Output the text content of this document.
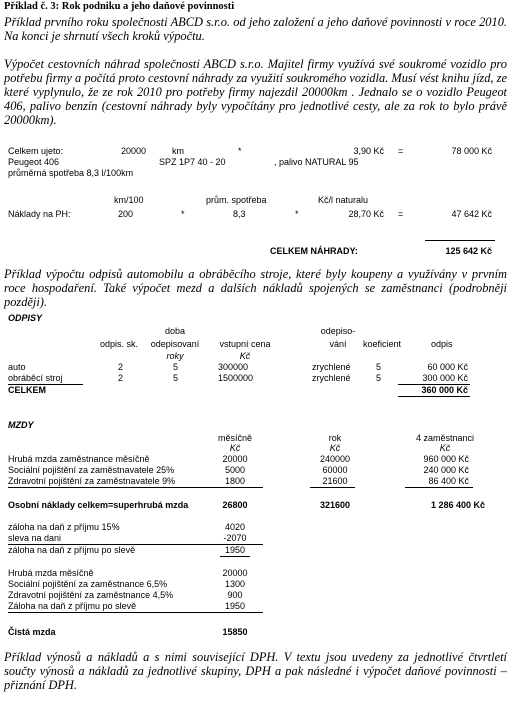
Příklad č. 3: Rok podniku a jeho daňové povinnosti
Příklad prvního roku společnosti ABCD s.r.o. od jeho založení a jeho daňové povinnosti v roce 2010. Na konci je shrnutí všech kroků výpočtu.
Výpočet cestovních náhrad společnosti ABCD s.r.o. Majitel firmy využívá své soukromé vozidlo pro potřebu firmy a počítá proto cestovní náhrady za využití soukromého vozidla. Musí vést knihu jízd, ze které vyplynulo, že ze rok 2010 pro potřeby firmy najezdil 20000km . Jednalo se o vozidlo Peugeot 406, palivo benzín (cestovní náhrady byly vypočítány pro jednotlivé cesty, ale za rok to bylo právě 20000km).
Celkem ujeto:	20000	km	*	3,90 Kč =	78 000 Kč
Peugeot 406	SPZ 1P7 40 - 20	, palivo NATURAL 95
průměrná spotřeba 8,3 l/100km
km/100	prům. spotřeba	Kč/l naturalu
Náklady na PH:	200	*	8,3	*	28,70 Kč =	47 642 Kč
CELKEM NÁHRADY:	125 642 Kč
Příklad výpočtu odpisů automobilu a obráběcího stroje, které byly koupeny a využívány v prvním roce hospodaření. Také výpočet mezd a dalších nákladů spojených se zaměstnanci (podrobněji později).
ODPISY
doba	odepiso-
odpis. sk.	odepisovaní	vstupní cena	vání	koeficient	odpis
roky	Kč
auto	2	5	300000	zrychlené	5	60 000 Kč
obráběcí stroj	2	5	1500000	zrychlené	5	300 000 Kč
CELKEM	360 000 Kč
MZDY
měsíčně	rok	4 zaměstnanci
Kč	Kč	Kč
Hrubá mzda zaměstnance měsíčně	20000	240000	960 000 Kč
Sociální pojištění za zaměstnavatele 25%	5000	60000	240 000 Kč
Zdravotní pojištění za zaměstnavatele 9%	1800	21600	86 400 Kč
Osobní náklady celkem=superhrubá mzda	26800	321600	1 286 400 Kč
záloha na daň z příjmu 15%	4020
sleva na dani	-2070
záloha na daň z příjmu po slevě	1950
Hrubá mzda měsíčně	20000
Sociální pojištění za zaměstnance 6,5%	1300
Zdravotní pojištění za zaměstnance 4,5%	900
Záloha na daň z příjmu po slevě	1950
Čistá mzda	15850
Příklad výnosů a nákladů a s nimi související DPH. V textu jsou uvedeny za jednotlivé čtvrtletí součty výnosů a nákladů za jednotlivé skupiny, DPH a pak následné i výpočet daňové povinnosti – přiznání DPH.
